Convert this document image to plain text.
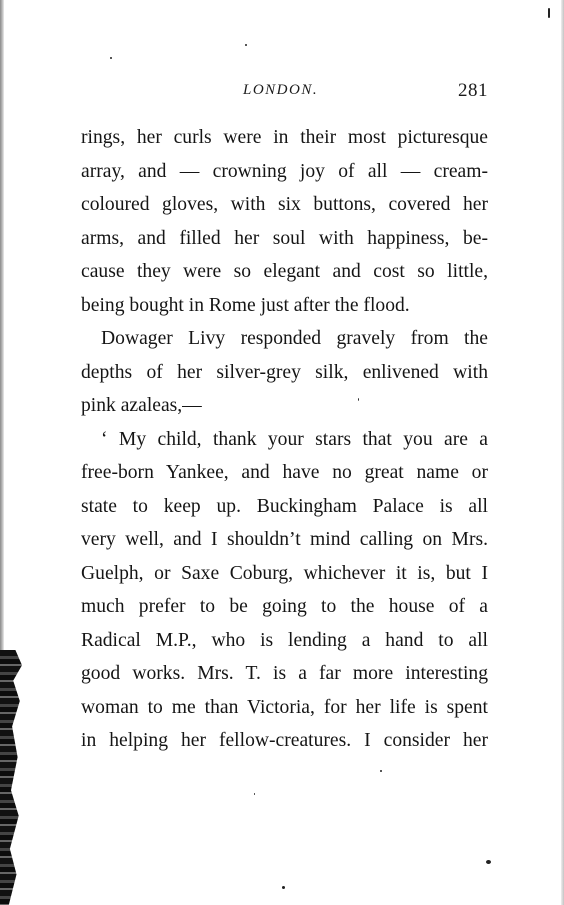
LONDON.	281
rings, her curls were in their most picturesque
array, and — crowning joy of all — cream-
coloured gloves, with six buttons, covered her
arms, and filled her soul with happiness, be-
cause they were so elegant and cost so little,
being bought in Rome just after the flood.
Dowager Livy responded gravely from the
depths of her silver-grey silk, enlivened with
pink azaleas,—
‘ My child, thank your stars that you are a
free-born Yankee, and have no great name or
state to keep up. Buckingham Palace is all
very well, and I shouldn’t mind calling on Mrs.
Guelph, or Saxe Coburg, whichever it is, but I
much prefer to be going to the house of a
Radical M.P., who is lending a hand to all
good works. Mrs. T. is a far more interesting
woman to me than Victoria, for her life is spent
in helping her fellow-creatures. I consider her
